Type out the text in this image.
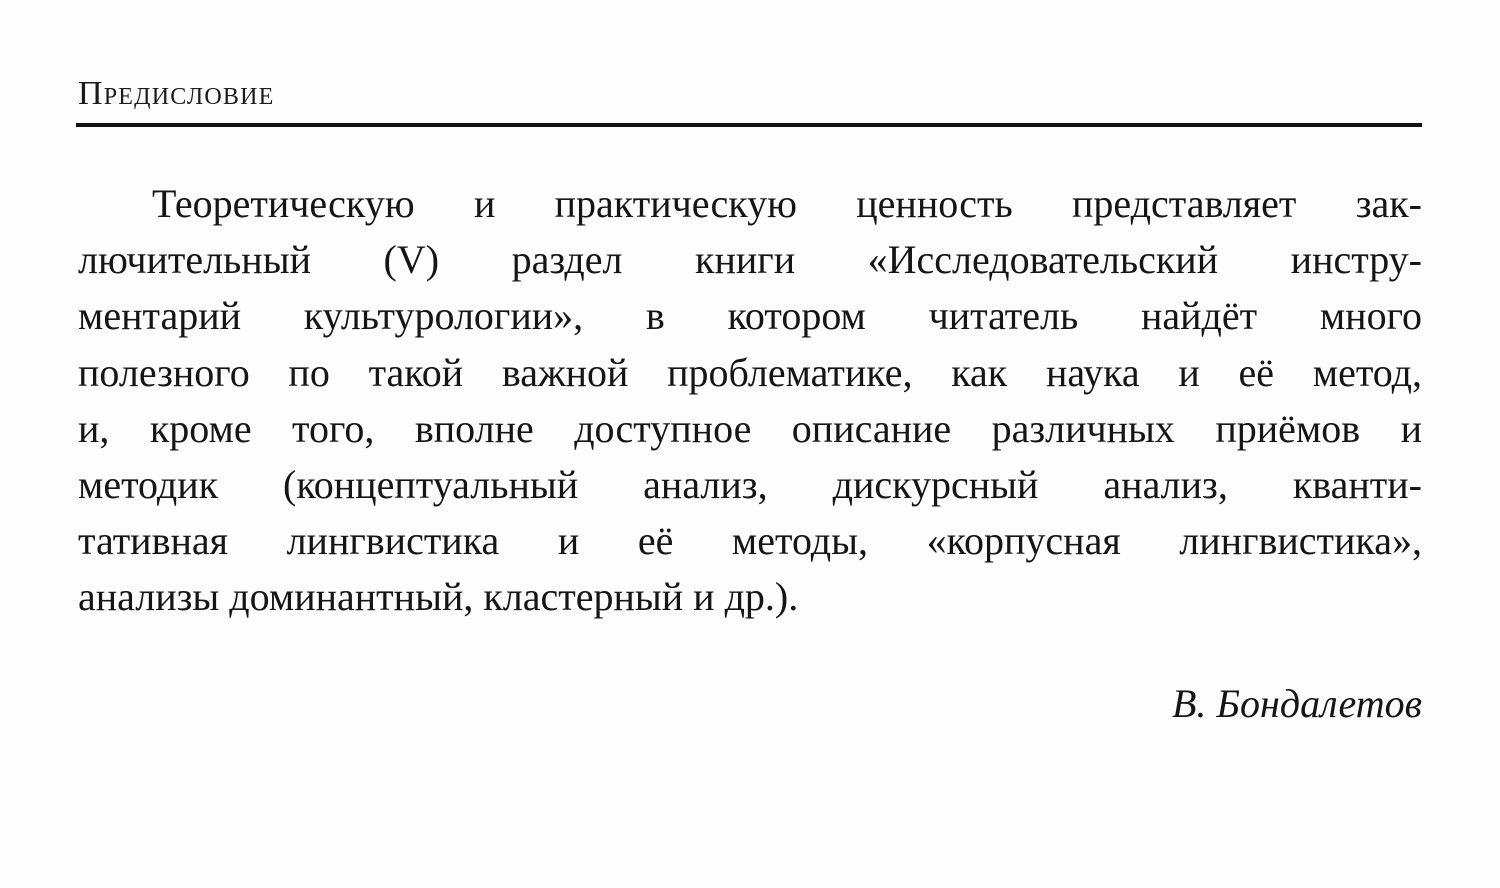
Предисловие
Теоретическую и практическую ценность представляет зак-
лючительный (V) раздел книги «Исследовательский инстру-
ментарий культурологии», в котором читатель найдёт много
полезного по такой важной проблематике, как наука и её метод,
и, кроме того, вполне доступное описание различных приёмов и
методик (концептуальный анализ, дискурсный анализ, кванти-
тативная лингвистика и её методы, «корпусная лингвистика»,
анализы доминантный, кластерный и др.).
В. Бондалетов
